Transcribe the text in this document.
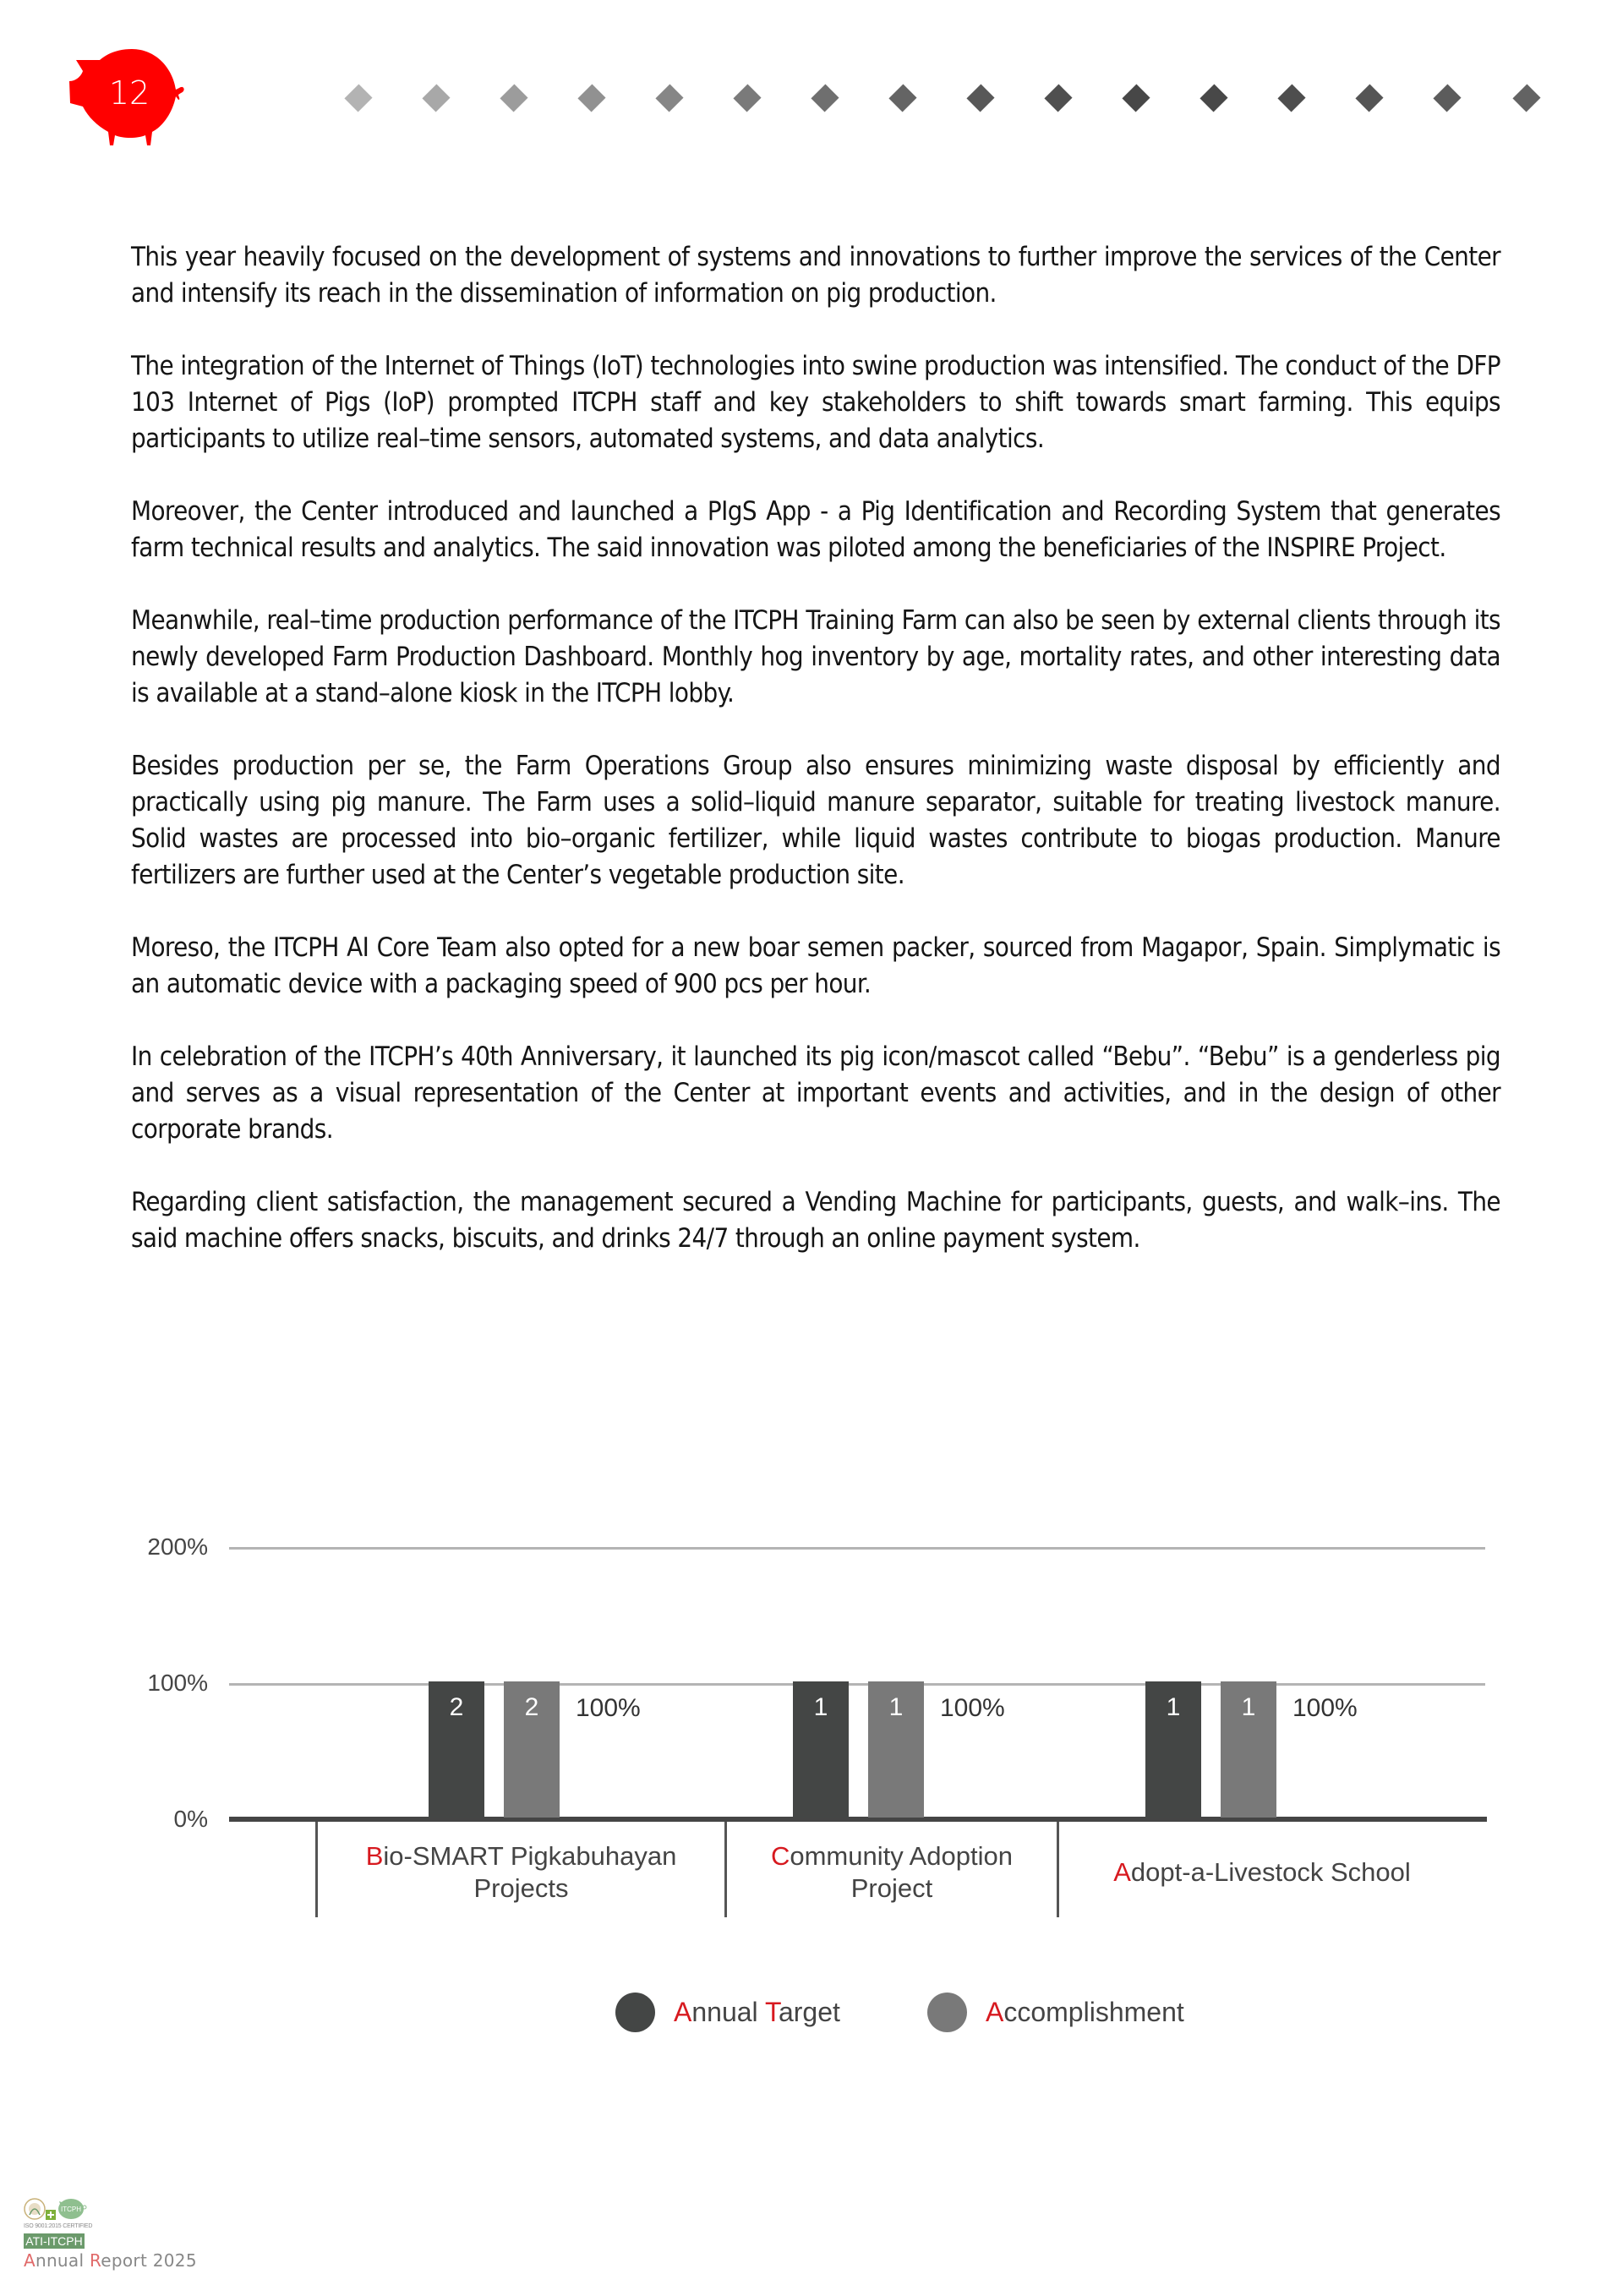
12

This year heavily focused on the development of systems and innovations to further improve the services of the Center and intensify its reach in the dissemination of information on pig production.

The integration of the Internet of Things (IoT) technologies into swine production was intensified. The conduct of the DFP 103 Internet of Pigs (IoP) prompted ITCPH staff and key stakeholders to shift towards smart farming. This equips participants to utilize real–time sensors, automated systems, and data analytics.

Moreover, the Center introduced and launched a PIgS App - a Pig Identification and Recording System that generates farm technical results and analytics. The said innovation was piloted among the beneficiaries of the INSPIRE Project.

Meanwhile, real–time production performance of the ITCPH Training Farm can also be seen by external clients through its newly developed Farm Production Dashboard. Monthly hog inventory by age, mortality rates, and other interesting data is available at a stand–alone kiosk in the ITCPH lobby.

Besides production per se, the Farm Operations Group also ensures minimizing waste disposal by efficiently and practically using pig manure. The Farm uses a solid–liquid manure separator, suitable for treating livestock manure. Solid wastes are processed into bio–organic fertilizer, while liquid wastes contribute to biogas production. Manure fertilizers are further used at the Center’s vegetable production site.

Moreso, the ITCPH AI Core Team also opted for a new boar semen packer, sourced from Magapor, Spain. Simplymatic is an automatic device with a packaging speed of 900 pcs per hour.

In celebration of the ITCPH’s 40th Anniversary, it launched its pig icon/mascot called “Bebu”. “Bebu” is a genderless pig and serves as a visual representation of the Center at important events and activities, and in the design of other corporate brands.

Regarding client satisfaction, the management secured a Vending Machine for participants, guests, and walk–ins. The said machine offers snacks, biscuits, and drinks 24/7 through an online payment system.

200%
100%
0%
2	2	100%	1	1	100%	1	1	100%
Bio-SMART Pigkabuhayan
Projects
Community Adoption
Project
Adopt-a-Livestock School
Annual Target	Accomplishment
ITCPH
ISO 9001:2015 CERTIFIED
ATI-ITCPH
Annual Report 2025
